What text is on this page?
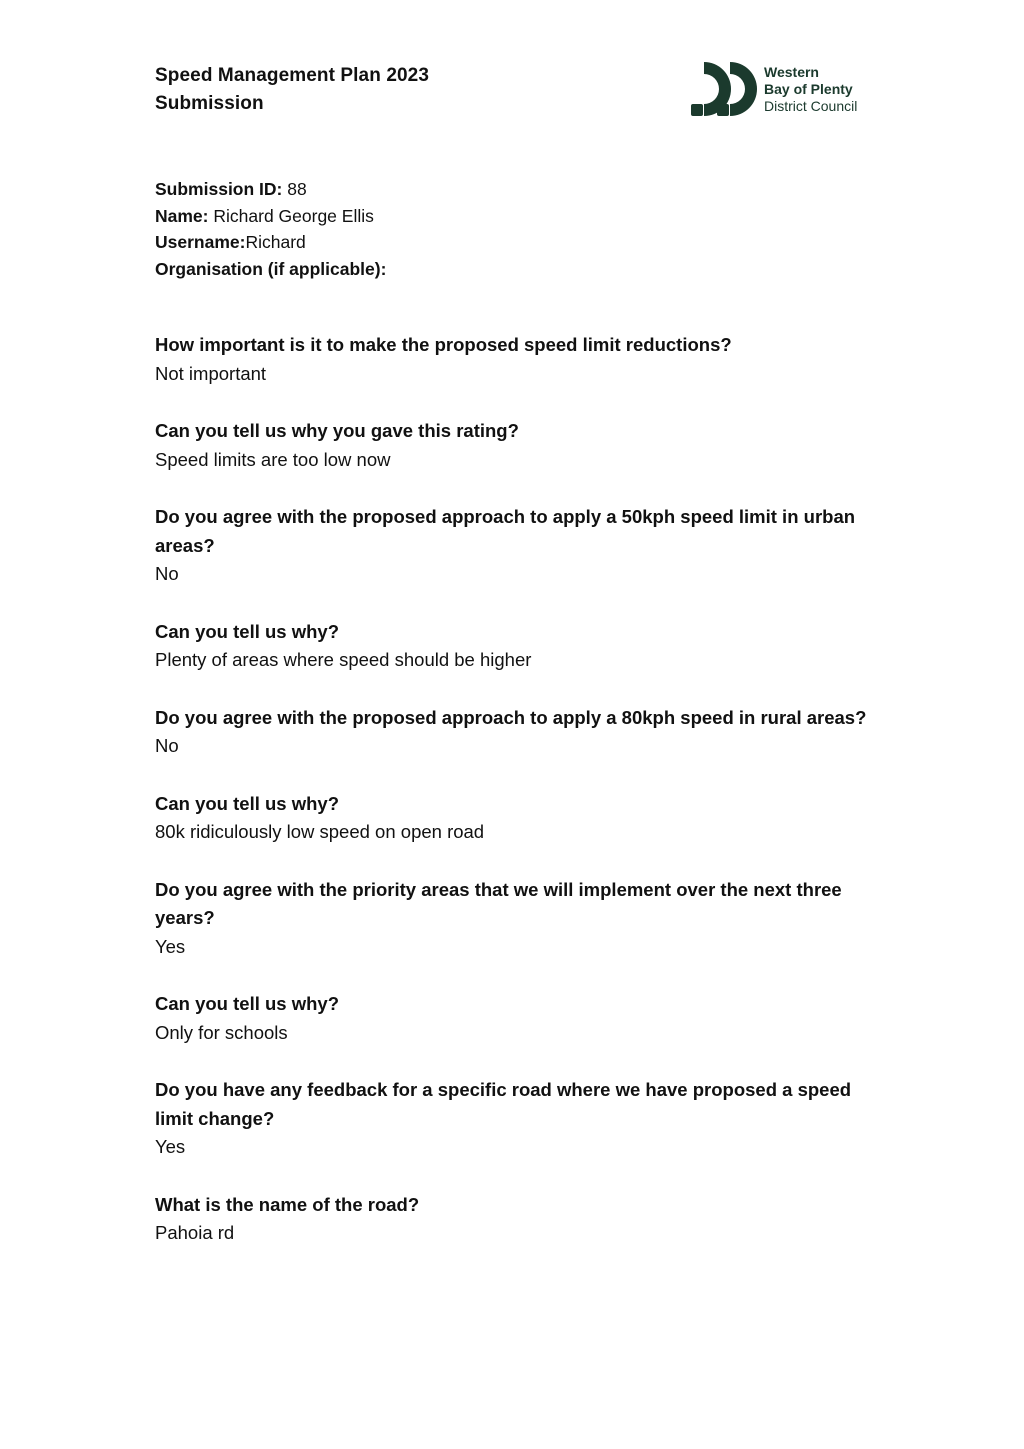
Speed Management Plan 2023
Submission
Western
Bay of Plenty
District Council
Submission ID: 88
Name: Richard George Ellis
Username:Richard
Organisation (if applicable):
How important is it to make the proposed speed limit reductions?
Not important
Can you tell us why you gave this rating?
Speed limits are too low now
Do you agree with the proposed approach to apply a 50kph speed limit in urban areas?
No
Can you tell us why?
Plenty of areas where speed should be higher
Do you agree with the proposed approach to apply a 80kph speed in rural areas?
No
Can you tell us why?
80k ridiculously low speed on open road
Do you agree with the priority areas that we will implement over the next three years?
Yes
Can you tell us why?
Only for schools
Do you have any feedback for a specific road where we have proposed a speed limit change?
Yes
What is the name of the road?
Pahoia rd
